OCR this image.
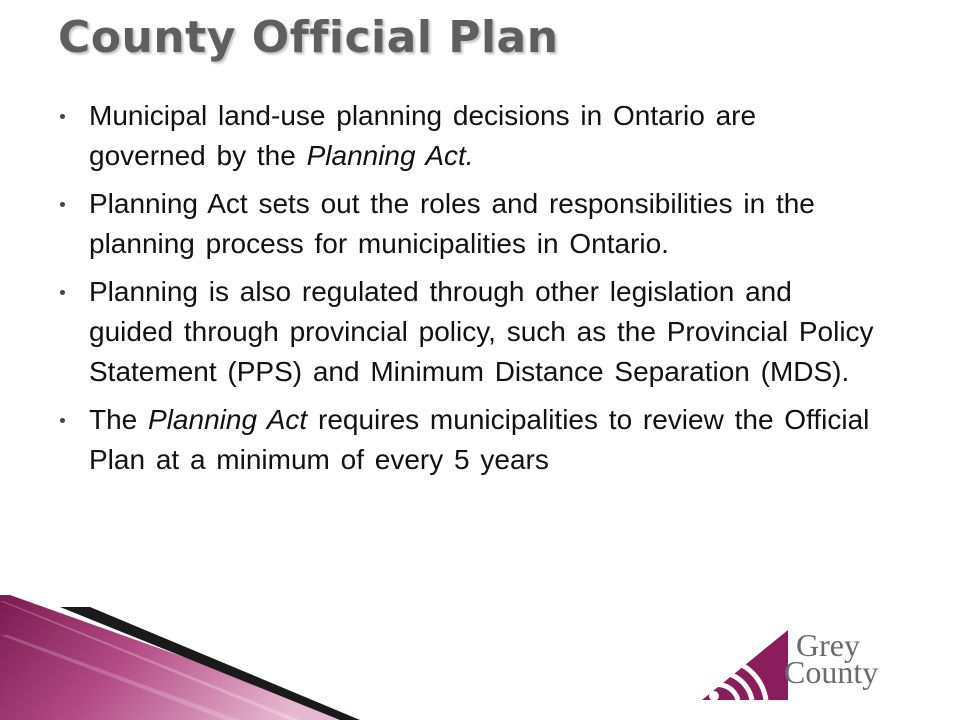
County Official Plan
Municipal land-use planning decisions in Ontario are governed by the Planning Act.
Planning Act sets out the roles and responsibilities in the planning process for municipalities in Ontario.
Planning is also regulated through other legislation and guided through provincial policy, such as the Provincial Policy Statement (PPS) and Minimum Distance Separation (MDS).
The Planning Act requires municipalities to review the Official Plan at a minimum of every 5 years
Grey
County
